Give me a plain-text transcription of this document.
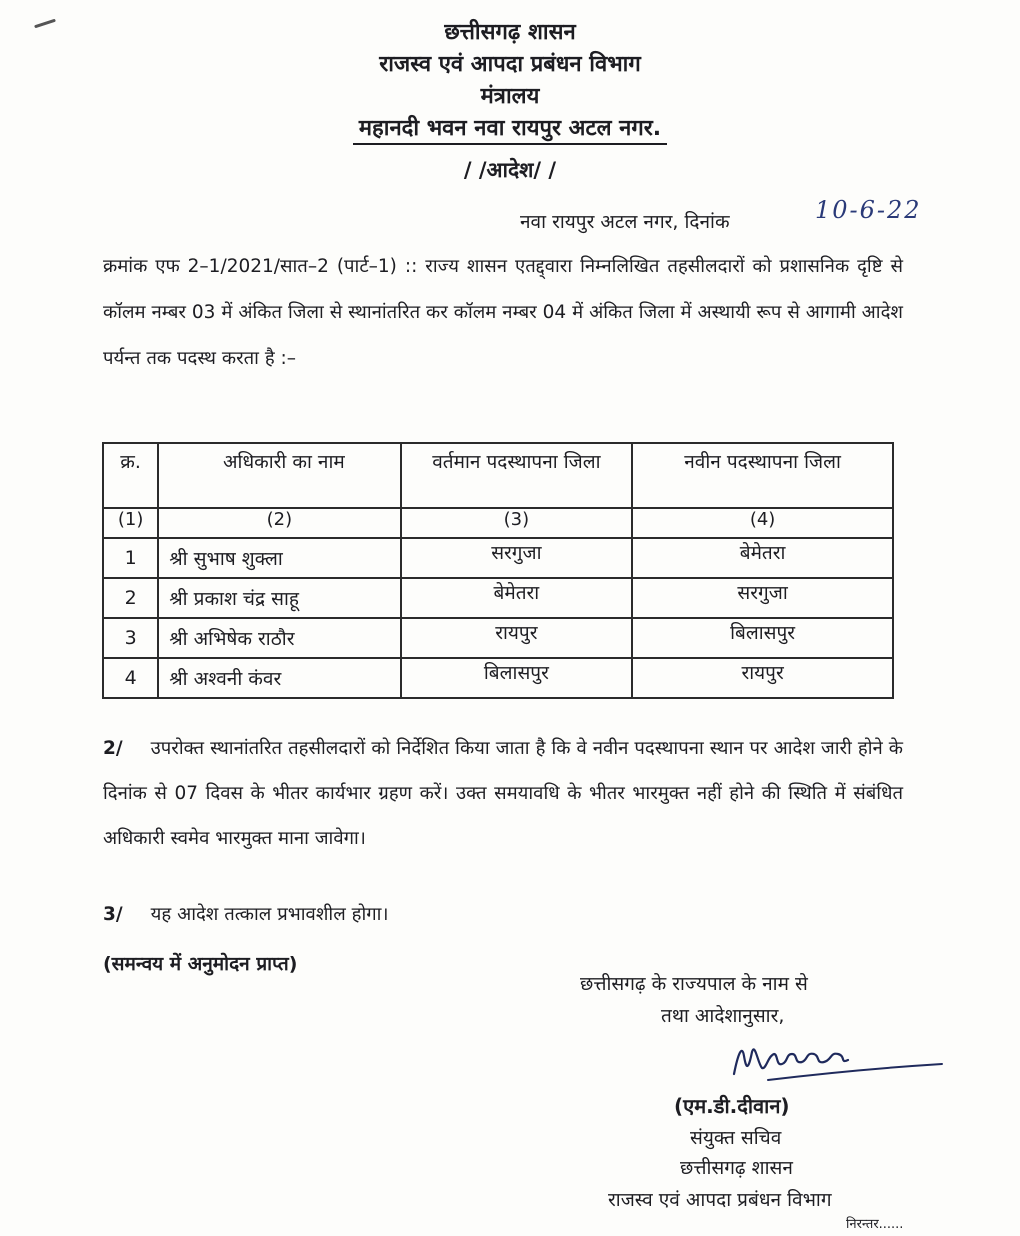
छत्तीसगढ़ शासन
राजस्व एवं आपदा प्रबंधन विभाग
मंत्रालय
महानदी भवन नवा रायपुर अटल नगर.
/ /आदेश/ /
नवा रायपुर अटल नगर, दिनांक	10-6-22
क्रमांक एफ 2–1/2021/सात–2 (पार्ट–1) :: राज्य शासन एतद्द्वारा निम्नलिखित तहसीलदारों को प्रशासनिक दृष्टि से कॉलम नम्बर 03 में अंकित जिला से स्थानांतरित कर कॉलम नम्बर 04 में अंकित जिला में अस्थायी रूप से आगामी आदेश पर्यन्त तक पदस्थ करता है :–
क्र.	अधिकारी का नाम	वर्तमान पदस्थापना जिला	नवीन पदस्थापना जिला
(1)	(2)	(3)	(4)
1	श्री सुभाष शुक्ला	सरगुजा	बेमेतरा
2	श्री प्रकाश चंद्र साहू	बेमेतरा	सरगुजा
3	श्री अभिषेक राठौर	रायपुर	बिलासपुर
4	श्री अश्वनी कंवर	बिलासपुर	रायपुर
2/ उपरोक्त स्थानांतरित तहसीलदारों को निर्देशित किया जाता है कि वे नवीन पदस्थापना स्थान पर आदेश जारी होने के दिनांक से 07 दिवस के भीतर कार्यभार ग्रहण करें। उक्त समयावधि के भीतर भारमुक्त नहीं होने की स्थिति में संबंधित अधिकारी स्वमेव भारमुक्त माना जावेगा।
3/ यह आदेश तत्काल प्रभावशील होगा।
(समन्वय में अनुमोदन प्राप्त)
छत्तीसगढ़ के राज्यपाल के नाम से
तथा आदेशानुसार,
(एम.डी.दीवान)
संयुक्त सचिव
छत्तीसगढ़ शासन
राजस्व एवं आपदा प्रबंधन विभाग
निरन्तर......
